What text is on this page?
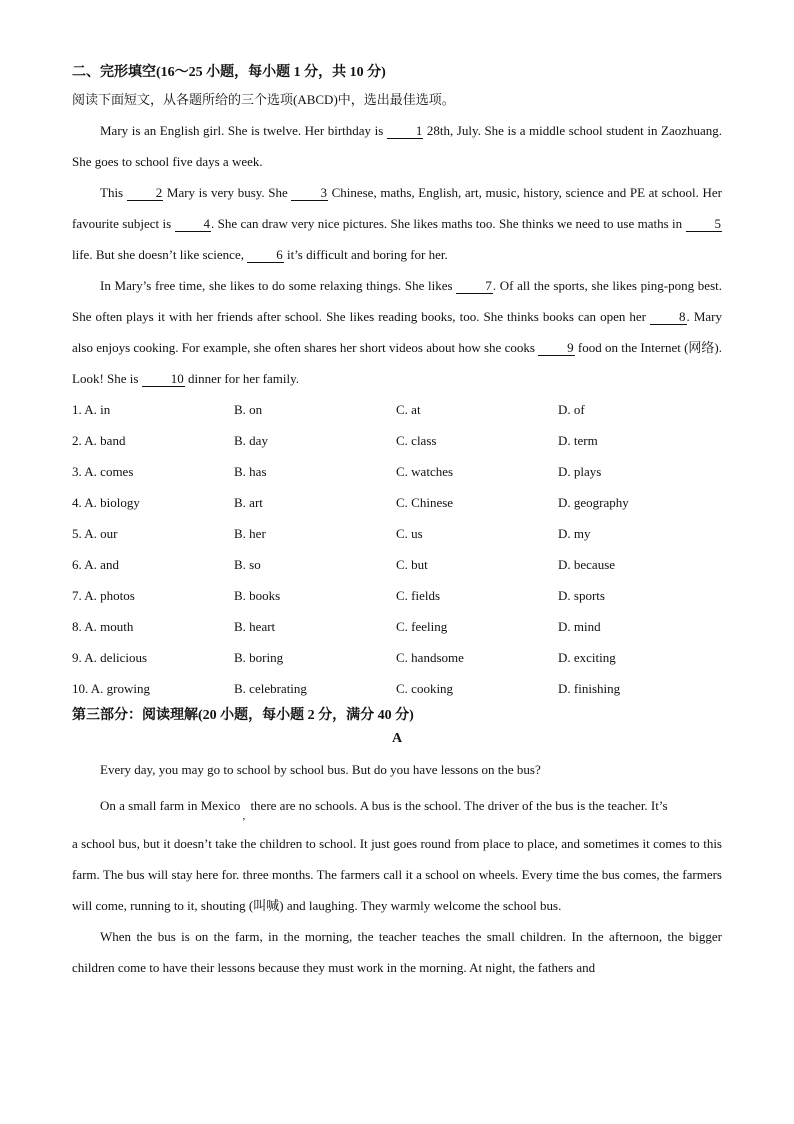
二、完形填空(16～25 小题，每小题 1 分，共 10 分)

阅读下面短文，从各题所给的三个选项(ABCD)中，选出最佳选项。

Mary is an English girl. She is twelve. Her birthday is 1 28th, July. She is a middle school student in Zaozhuang. She goes to school five days a week.

This 2 Mary is very busy. She 3 Chinese, maths, English, art, music, history, science and PE at school. Her favourite subject is 4. She can draw very nice pictures. She likes maths too. She thinks we need to use maths in 5 life. But she doesn’t like science, 6 it’s difficult and boring for her.

In Mary’s free time, she likes to do some relaxing things. She likes 7. Of all the sports, she likes ping-pong best. She often plays it with her friends after school. She likes reading books, too. She thinks books can open her 8. Mary also enjoys cooking. For example, she often shares her short videos about how she cooks 9 food on the Internet (网络). Look! She is 10 dinner for her family.

1. A. in	B. on	C. at	D. of
2. A. band	B. day	C. class	D. term
3. A. comes	B. has	C. watches	D. plays
4. A. biology	B. art	C. Chinese	D. geography
5. A. our	B. her	C. us	D. my
6. A. and	B. so	C. but	D. because
7. A. photos	B. books	C. fields	D. sports
8. A. mouth	B. heart	C. feeling	D. mind
9. A. delicious	B. boring	C. handsome	D. exciting
10. A. growing	B. celebrating	C. cooking	D. finishing

第三部分：阅读理解(20 小题，每小题 2 分，满分 40 分)

A

Every day, you may go to school by school bus. But do you have lessons on the bus?

On a small farm in Mexico$_,$ there are no schools. A bus is the school. The driver of the bus is the teacher. It’s

a school bus, but it doesn’t take the children to school. It just goes round from place to place, and sometimes it comes to this farm. The bus will stay here for. three months. The farmers call it a school on wheels. Every time the bus comes, the farmers will come, running to it, shouting (叫喊) and laughing. They warmly welcome the school bus.

When the bus is on the farm, in the morning, the teacher teaches the small children. In the afternoon, the bigger children come to have their lessons because they must work in the morning. At night, the fathers and
